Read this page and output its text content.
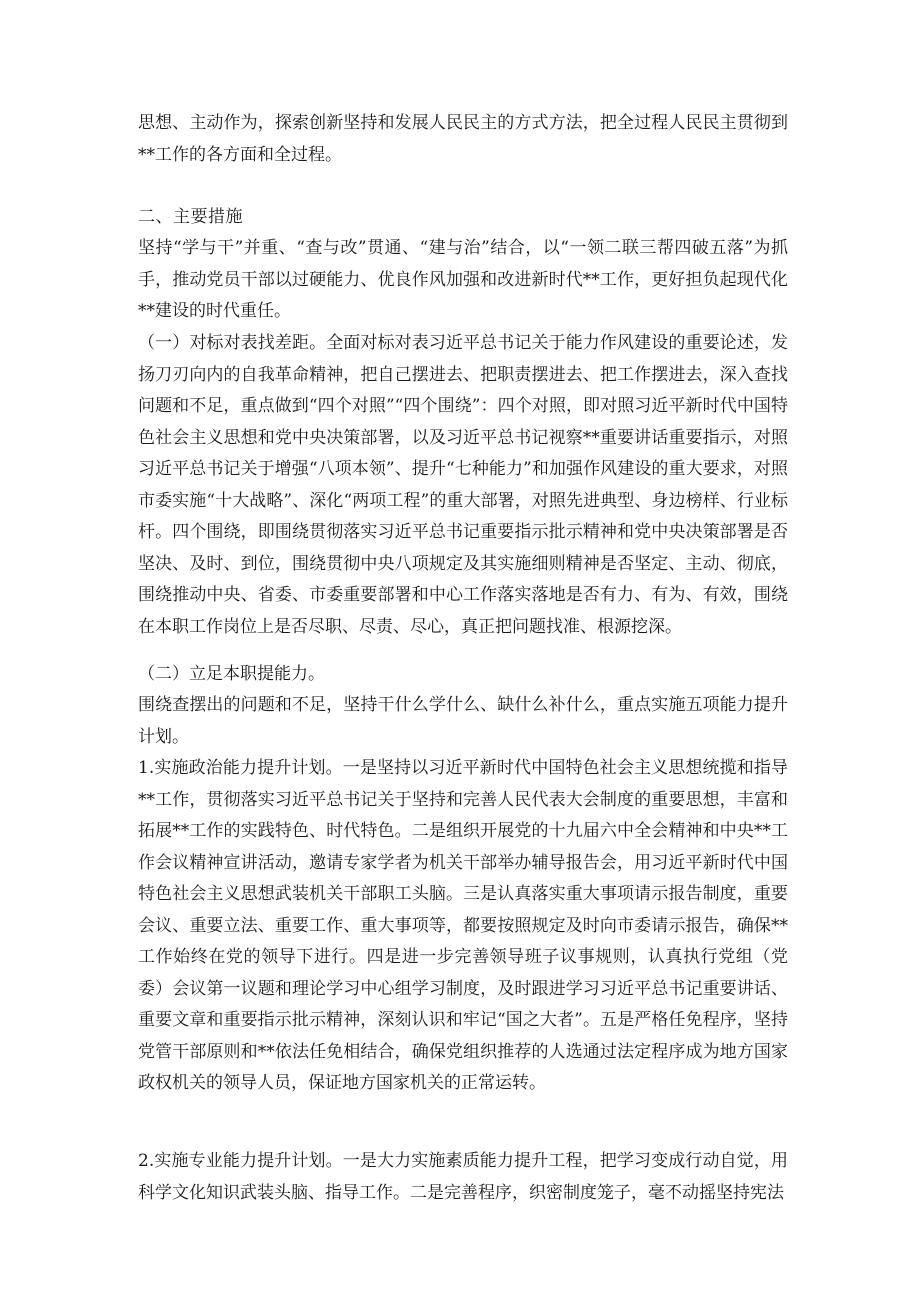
思想、主动作为，探索创新坚持和发展人民民主的方式方法，把全过程人民民主贯彻到**工作的各方面和全过程。

二、主要措施

坚持“学与干”并重、“查与改”贯通、“建与治”结合，以“一领二联三帮四破五落”为抓手，推动党员干部以过硬能力、优良作风加强和改进新时代**工作，更好担负起现代化**建设的时代重任。

（一）对标对表找差距。全面对标对表习近平总书记关于能力作风建设的重要论述，发扬刀刃向内的自我革命精神，把自己摆进去、把职责摆进去、把工作摆进去，深入查找问题和不足，重点做到“四个对照”“四个围绕”：四个对照，即对照习近平新时代中国特色社会主义思想和党中央决策部署，以及习近平总书记视察**重要讲话重要指示，对照习近平总书记关于增强“八项本领”、提升“七种能力”和加强作风建设的重大要求，对照市委实施“十大战略”、深化“两项工程”的重大部署，对照先进典型、身边榜样、行业标杆。四个围绕，即围绕贯彻落实习近平总书记重要指示批示精神和党中央决策部署是否坚决、及时、到位，围绕贯彻中央八项规定及其实施细则精神是否坚定、主动、彻底，围绕推动中央、省委、市委重要部署和中心工作落实落地是否有力、有为、有效，围绕在本职工作岗位上是否尽职、尽责、尽心，真正把问题找准、根源挖深。

（二）立足本职提能力。

围绕查摆出的问题和不足，坚持干什么学什么、缺什么补什么，重点实施五项能力提升计划。

1.实施政治能力提升计划。一是坚持以习近平新时代中国特色社会主义思想统揽和指导**工作，贯彻落实习近平总书记关于坚持和完善人民代表大会制度的重要思想，丰富和拓展**工作的实践特色、时代特色。二是组织开展党的十九届六中全会精神和中央**工作会议精神宣讲活动，邀请专家学者为机关干部举办辅导报告会，用习近平新时代中国特色社会主义思想武装机关干部职工头脑。三是认真落实重大事项请示报告制度，重要会议、重要立法、重要工作、重大事项等，都要按照规定及时向市委请示报告，确保**工作始终在党的领导下进行。四是进一步完善领导班子议事规则，认真执行党组（党委）会议第一议题和理论学习中心组学习制度，及时跟进学习习近平总书记重要讲话、重要文章和重要指示批示精神，深刻认识和牢记“国之大者”。五是严格任免程序，坚持党管干部原则和**依法任免相结合，确保党组织推荐的人选通过法定程序成为地方国家政权机关的领导人员，保证地方国家机关的正常运转。

2.实施专业能力提升计划。一是大力实施素质能力提升工程，把学习变成行动自觉，用科学文化知识武装头脑、指导工作。二是完善程序，织密制度笼子，毫不动摇坚持宪法
